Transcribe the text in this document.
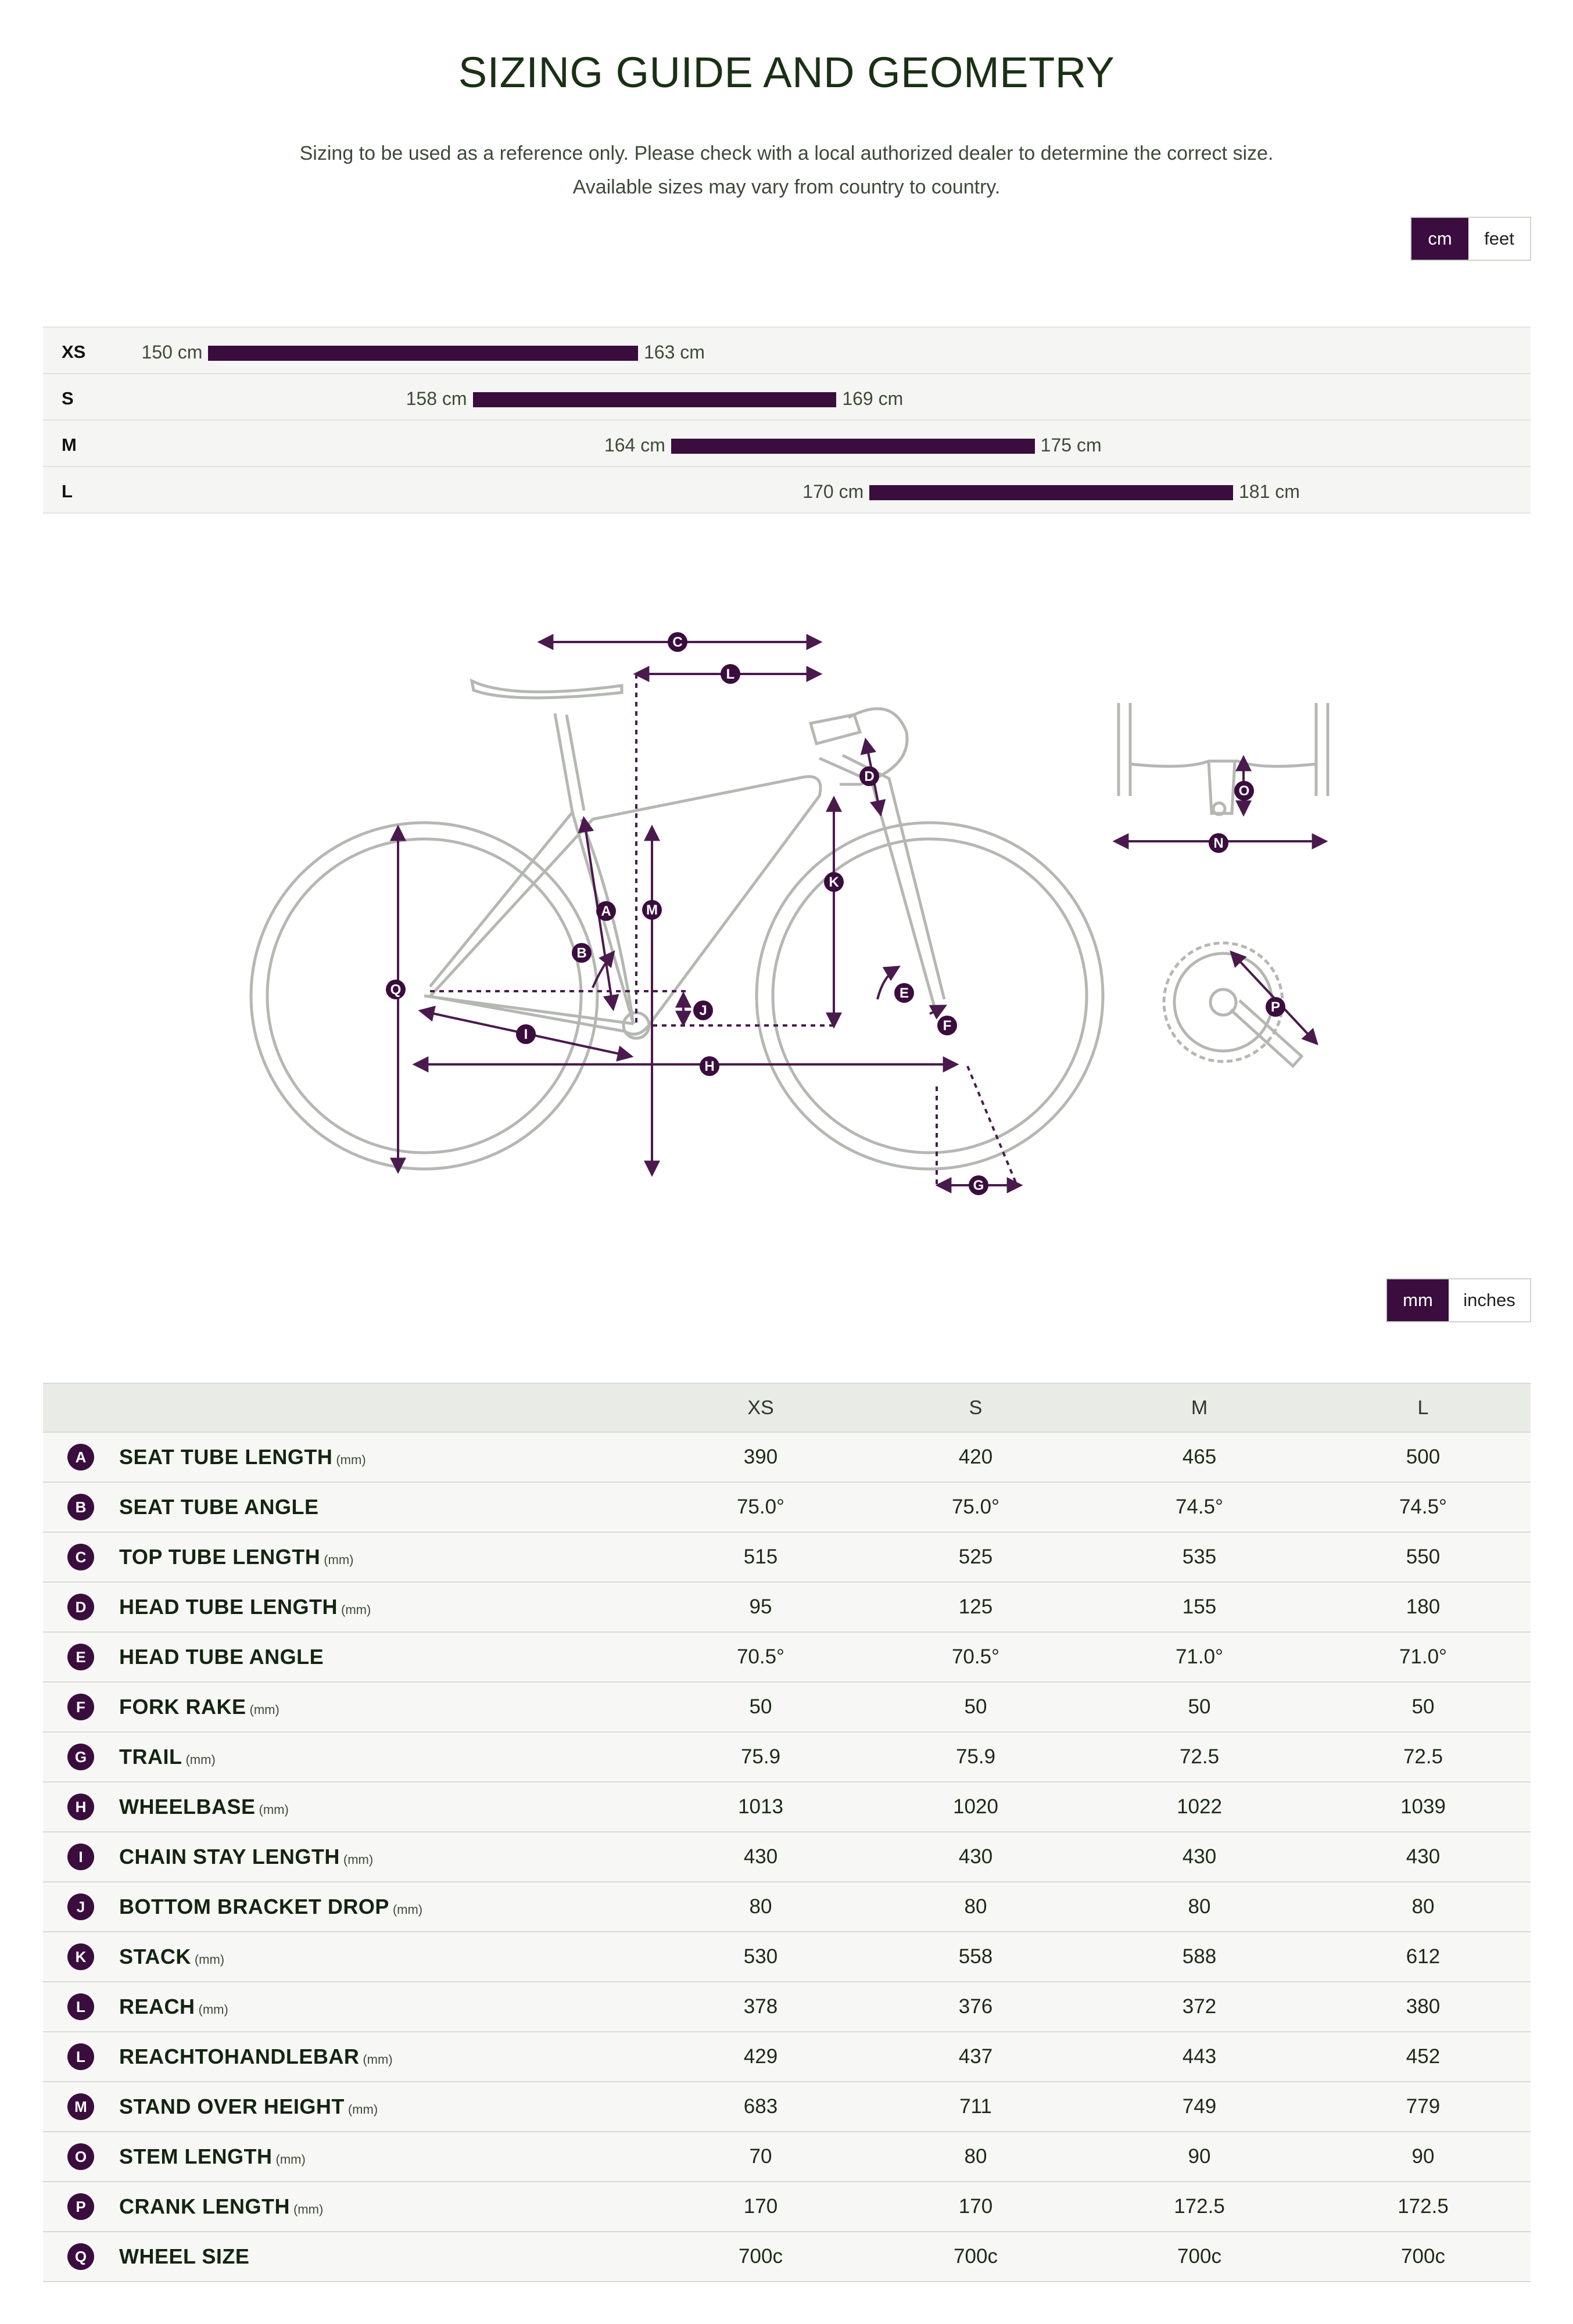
SIZING GUIDE AND GEOMETRY
Sizing to be used as a reference only. Please check with a local authorized dealer to determine the correct size.
Available sizes may vary from country to country.
cm	feet
XS	150 cm	163 cm
S	158 cm	169 cm
M	164 cm	175 cm
L	170 cm	181 cm
C
L
D
A	M
K
B
Q	E
J
F
I
H
G
O
N
P
mm	inches
		XS	S	M	L
A	SEAT TUBE LENGTH (mm)	390	420	465	500
B	SEAT TUBE ANGLE	75.0°	75.0°	74.5°	74.5°
C	TOP TUBE LENGTH (mm)	515	525	535	550
D	HEAD TUBE LENGTH (mm)	95	125	155	180
E	HEAD TUBE ANGLE	70.5°	70.5°	71.0°	71.0°
F	FORK RAKE (mm)	50	50	50	50
G	TRAIL (mm)	75.9	75.9	72.5	72.5
H	WHEELBASE (mm)	1013	1020	1022	1039
I	CHAIN STAY LENGTH (mm)	430	430	430	430
J	BOTTOM BRACKET DROP (mm)	80	80	80	80
K	STACK (mm)	530	558	588	612
L	REACH (mm)	378	376	372	380
L	REACHTOHANDLEBAR (mm)	429	437	443	452
M	STAND OVER HEIGHT (mm)	683	711	749	779
O	STEM LENGTH (mm)	70	80	90	90
P	CRANK LENGTH (mm)	170	170	172.5	172.5
Q	WHEEL SIZE	700c	700c	700c	700c
